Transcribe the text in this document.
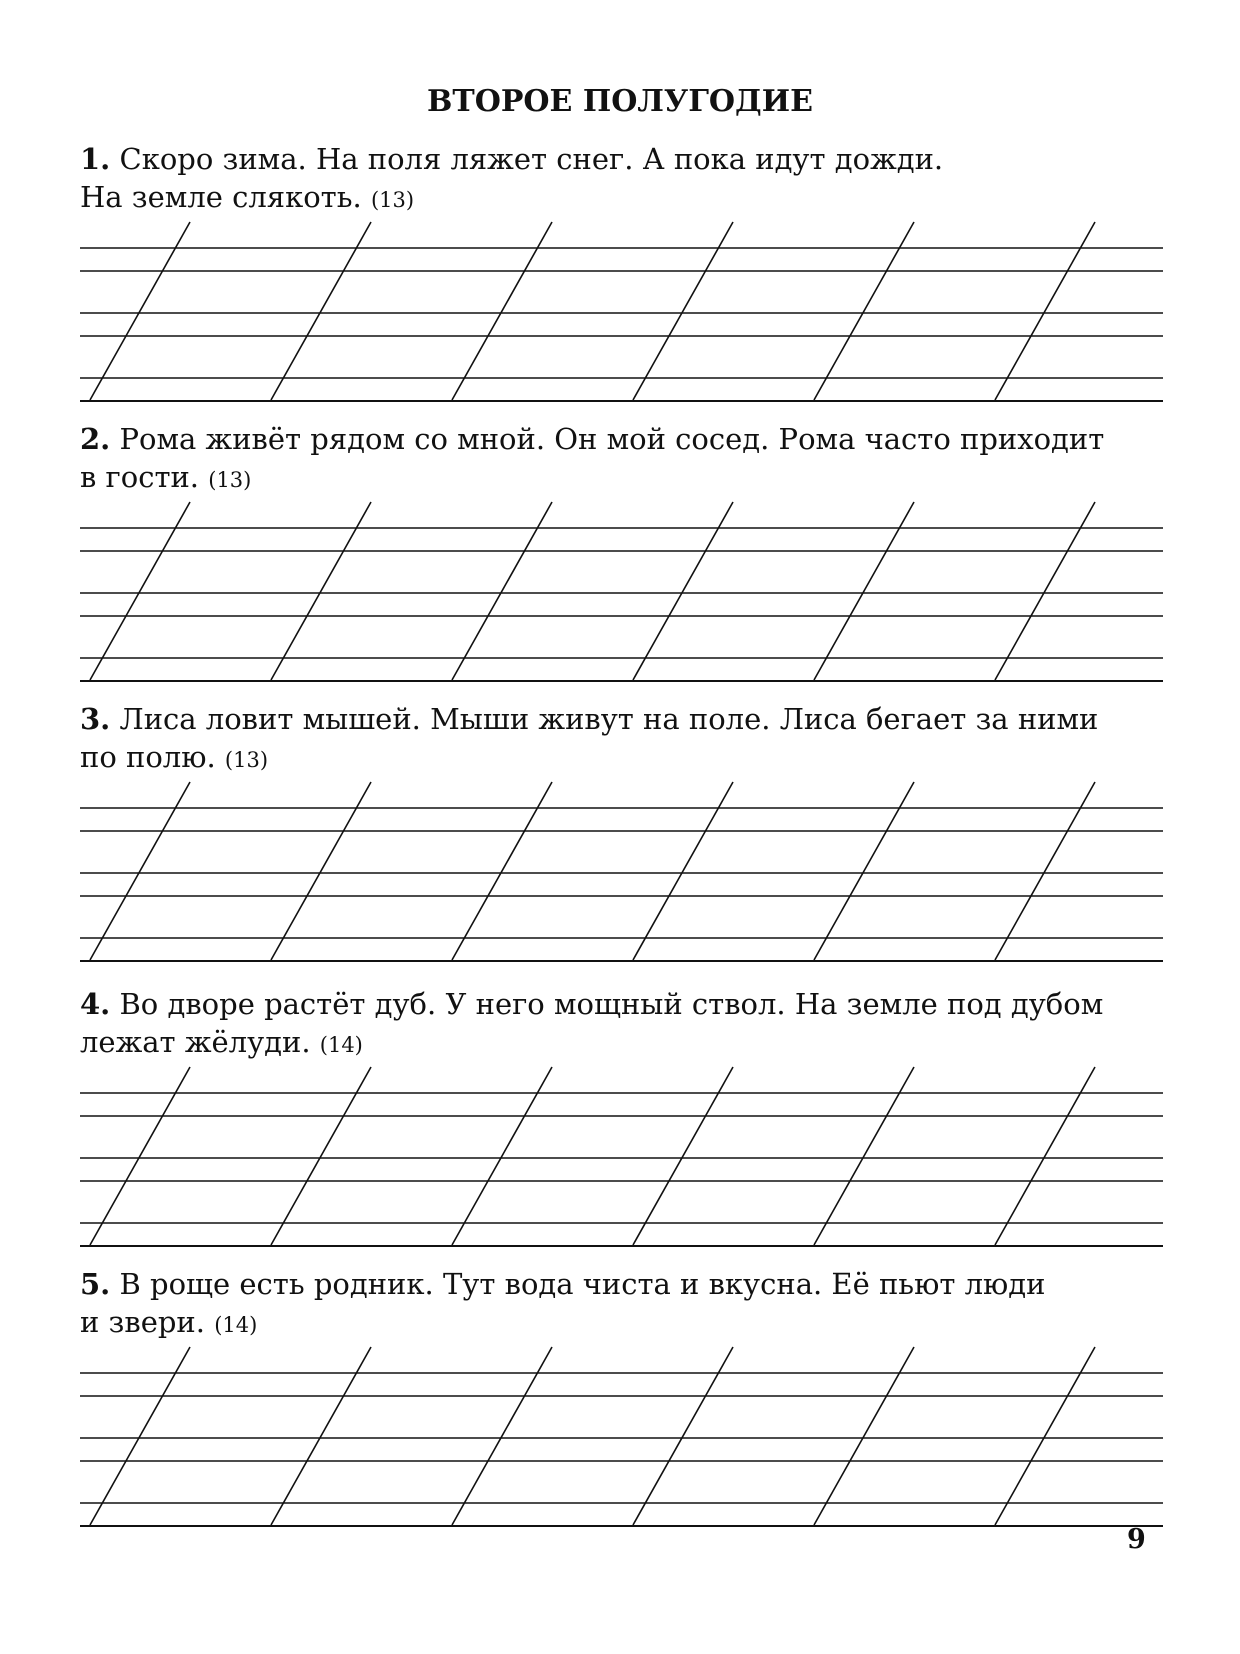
ВТОРОЕ ПОЛУГОДИЕ
1. Скоро зима. На поля ляжет снег. А пока идут дожди.
На земле слякоть. (13)
2. Рома живёт рядом со мной. Он мой сосед. Рома часто приходит
в гости. (13)
3. Лиса ловит мышей. Мыши живут на поле. Лиса бегает за ними
по полю. (13)
4. Во дворе растёт дуб. У него мощный ствол. На земле под дубом
лежат жёлуди. (14)
5. В роще есть родник. Тут вода чиста и вкусна. Её пьют люди
и звери. (14)
9
